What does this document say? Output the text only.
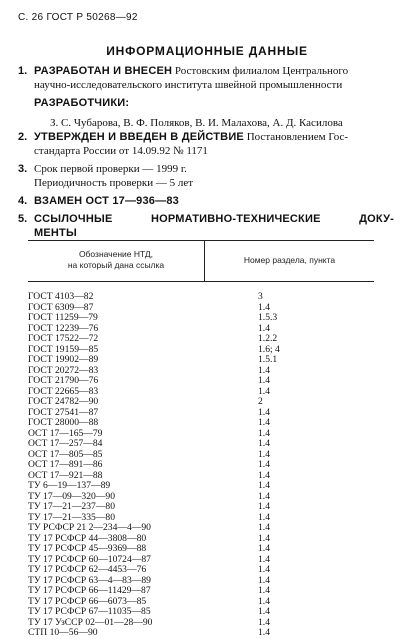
С. 26 ГОСТ Р 50268—92
ИНФОРМАЦИОННЫЕ ДАННЫЕ
1. РАЗРАБОТАН И ВНЕСЕН Ростовским филиалом Центрального
научно-исследовательского института швейной промышленности
РАЗРАБОТЧИКИ:
З. С. Чубарова, В. Ф. Поляков, В. И. Малахова, А. Д. Касилова
2. УТВЕРЖДЕН И ВВЕДЕН В ДЕЙСТВИЕ Постановлением Гос-
стандарта России от 14.09.92 № 1171
3. Срок первой проверки — 1999 г.
Периодичность проверки — 5 лет
4. ВЗАМЕН ОСТ 17—936—83
5. ССЫЛОЧНЫЕ	НОРМАТИВНО-ТЕХНИЧЕСКИЕ	ДОКУ-
МЕНТЫ
Обозначение НТД,
на который дана ссылка	Номер раздела, пункта
ГОСТ 4103—82	3
ГОСТ 6309—87	1.4
ГОСТ 11259—79	1.5.3
ГОСТ 12239—76	1.4
ГОСТ 17522—72	1.2.2
ГОСТ 19159—85	1.6; 4
ГОСТ 19902—89	1.5.1
ГОСТ 20272—83	1.4
ГОСТ 21790—76	1.4
ГОСТ 22665—83	1.4
ГОСТ 24782—90	2
ГОСТ 27541—87	1.4
ГОСТ 28000—88	1.4
ОСТ 17—165—79	1.4
ОСТ 17—257—84	1.4
ОСТ 17—805—85	1.4
ОСТ 17—891—86	1.4
ОСТ 17—921—88	1.4
ТУ 6—19—137—89	1.4
ТУ 17—09—320—90	1.4
ТУ 17—21—237—80	1.4
ТУ 17—21—335—80	1.4
ТУ РСФСР 21 2—234—4—90	1.4
ТУ 17 РСФСР 44—3808—80	1.4
ТУ 17 РСФСР 45—9369—88	1.4
ТУ 17 РСФСР 60—10724—87	1.4
ТУ 17 РСФСР 62—4453—76	1.4
ТУ 17 РСФСР 63—4—83—89	1.4
ТУ 17 РСФСР 66—11429—87	1.4
ТУ 17 РСФСР 66—6073—85	1.4
ТУ 17 РСФСР 67—11035—85	1.4
ТУ 17 УзССР 02—01—28—90	1.4
СТП 10—56—90	1.4
